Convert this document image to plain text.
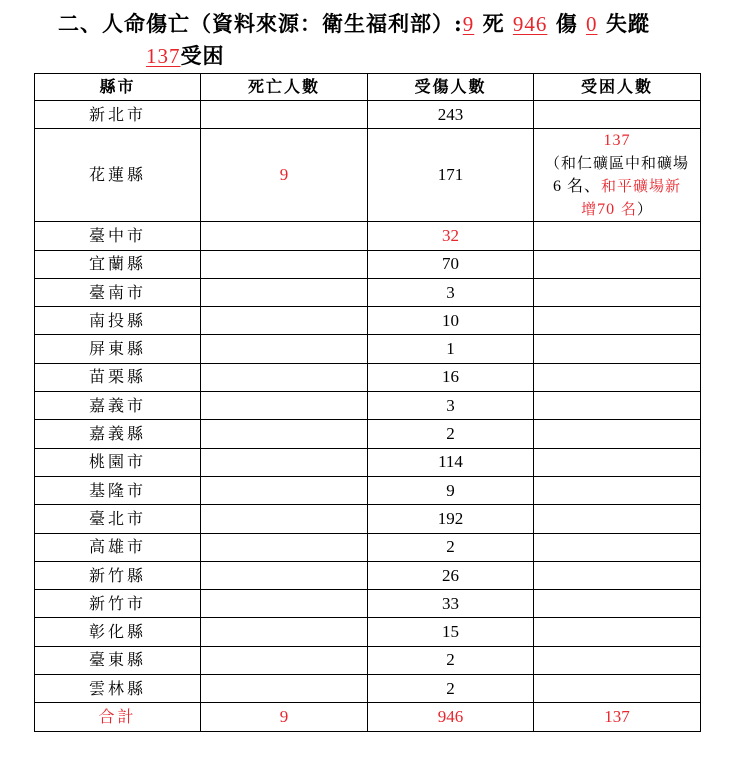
二、人命傷亡（資料來源：衛生福利部）:9 死 946 傷 0 失蹤
137受困
縣市	死亡人數	受傷人數	受困人數
新北市		243	
花蓮縣	9	171	137
（和仁礦區中和礦場
6 名、和平礦場新
增70 名）

臺中市		32	
宜蘭縣		70	
臺南市		3	
南投縣		10	
屏東縣		1	
苗栗縣		16	
嘉義市		3	
嘉義縣		2	
桃園市		114	
基隆市		9	
臺北市		192	
高雄市		2	
新竹縣		26	
新竹市		33	
彰化縣		15	
臺東縣		2	
雲林縣		2	
合計	9	946	137
